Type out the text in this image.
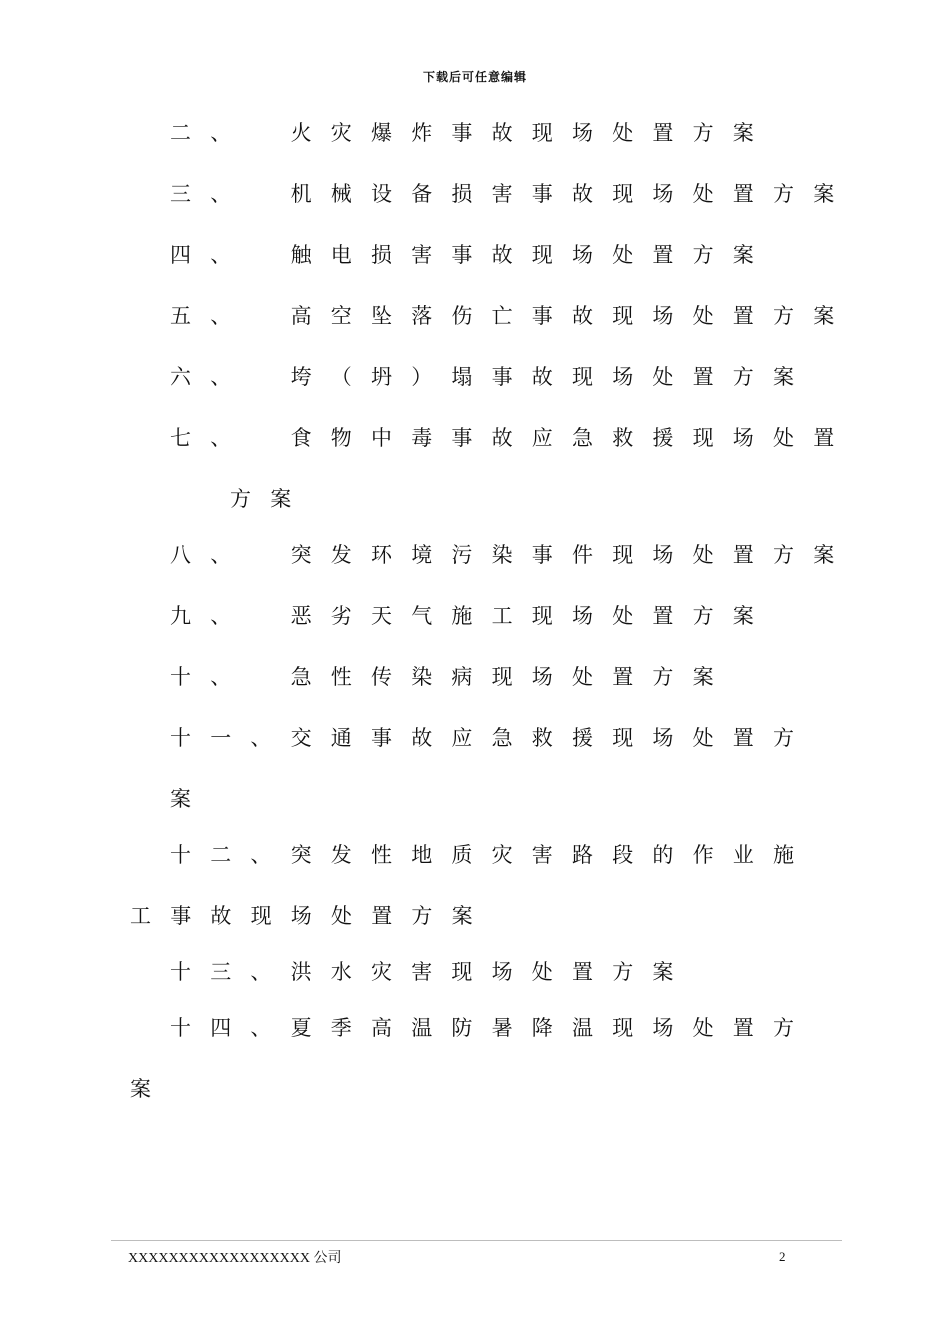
下载后可任意编辑
二 、	火 灾 爆 炸 事 故 现 场 处 置 方 案
三 、	机 械 设 备 损 害 事 故 现 场 处 置 方 案
四 、	触 电 损 害 事 故 现 场 处 置 方 案
五 、	高 空 坠 落 伤 亡 事 故 现 场 处 置 方 案
六 、	垮 （ 坍 ） 塌 事 故 现 场 处 置 方 案
七 、	食 物 中 毒 事 故 应 急 救 援 现 场 处 置
方 案
八 、	突 发 环 境 污 染 事 件 现 场 处 置 方 案
九 、	恶 劣 天 气 施 工 现 场 处 置 方 案
十 、	急 性 传 染 病 现 场 处 置 方 案
十 一 、 交 通 事 故 应 急 救 援 现 场 处 置 方
案
十 二 、 突 发 性 地 质 灾 害 路 段 的 作 业 施
工 事 故 现 场 处 置 方 案
十 三 、 洪 水 灾 害 现 场 处 置 方 案
十 四 、 夏 季 高 温 防 暑 降 温 现 场 处 置 方
案
XXXXXXXXXXXXXXXXXX 公司	2
